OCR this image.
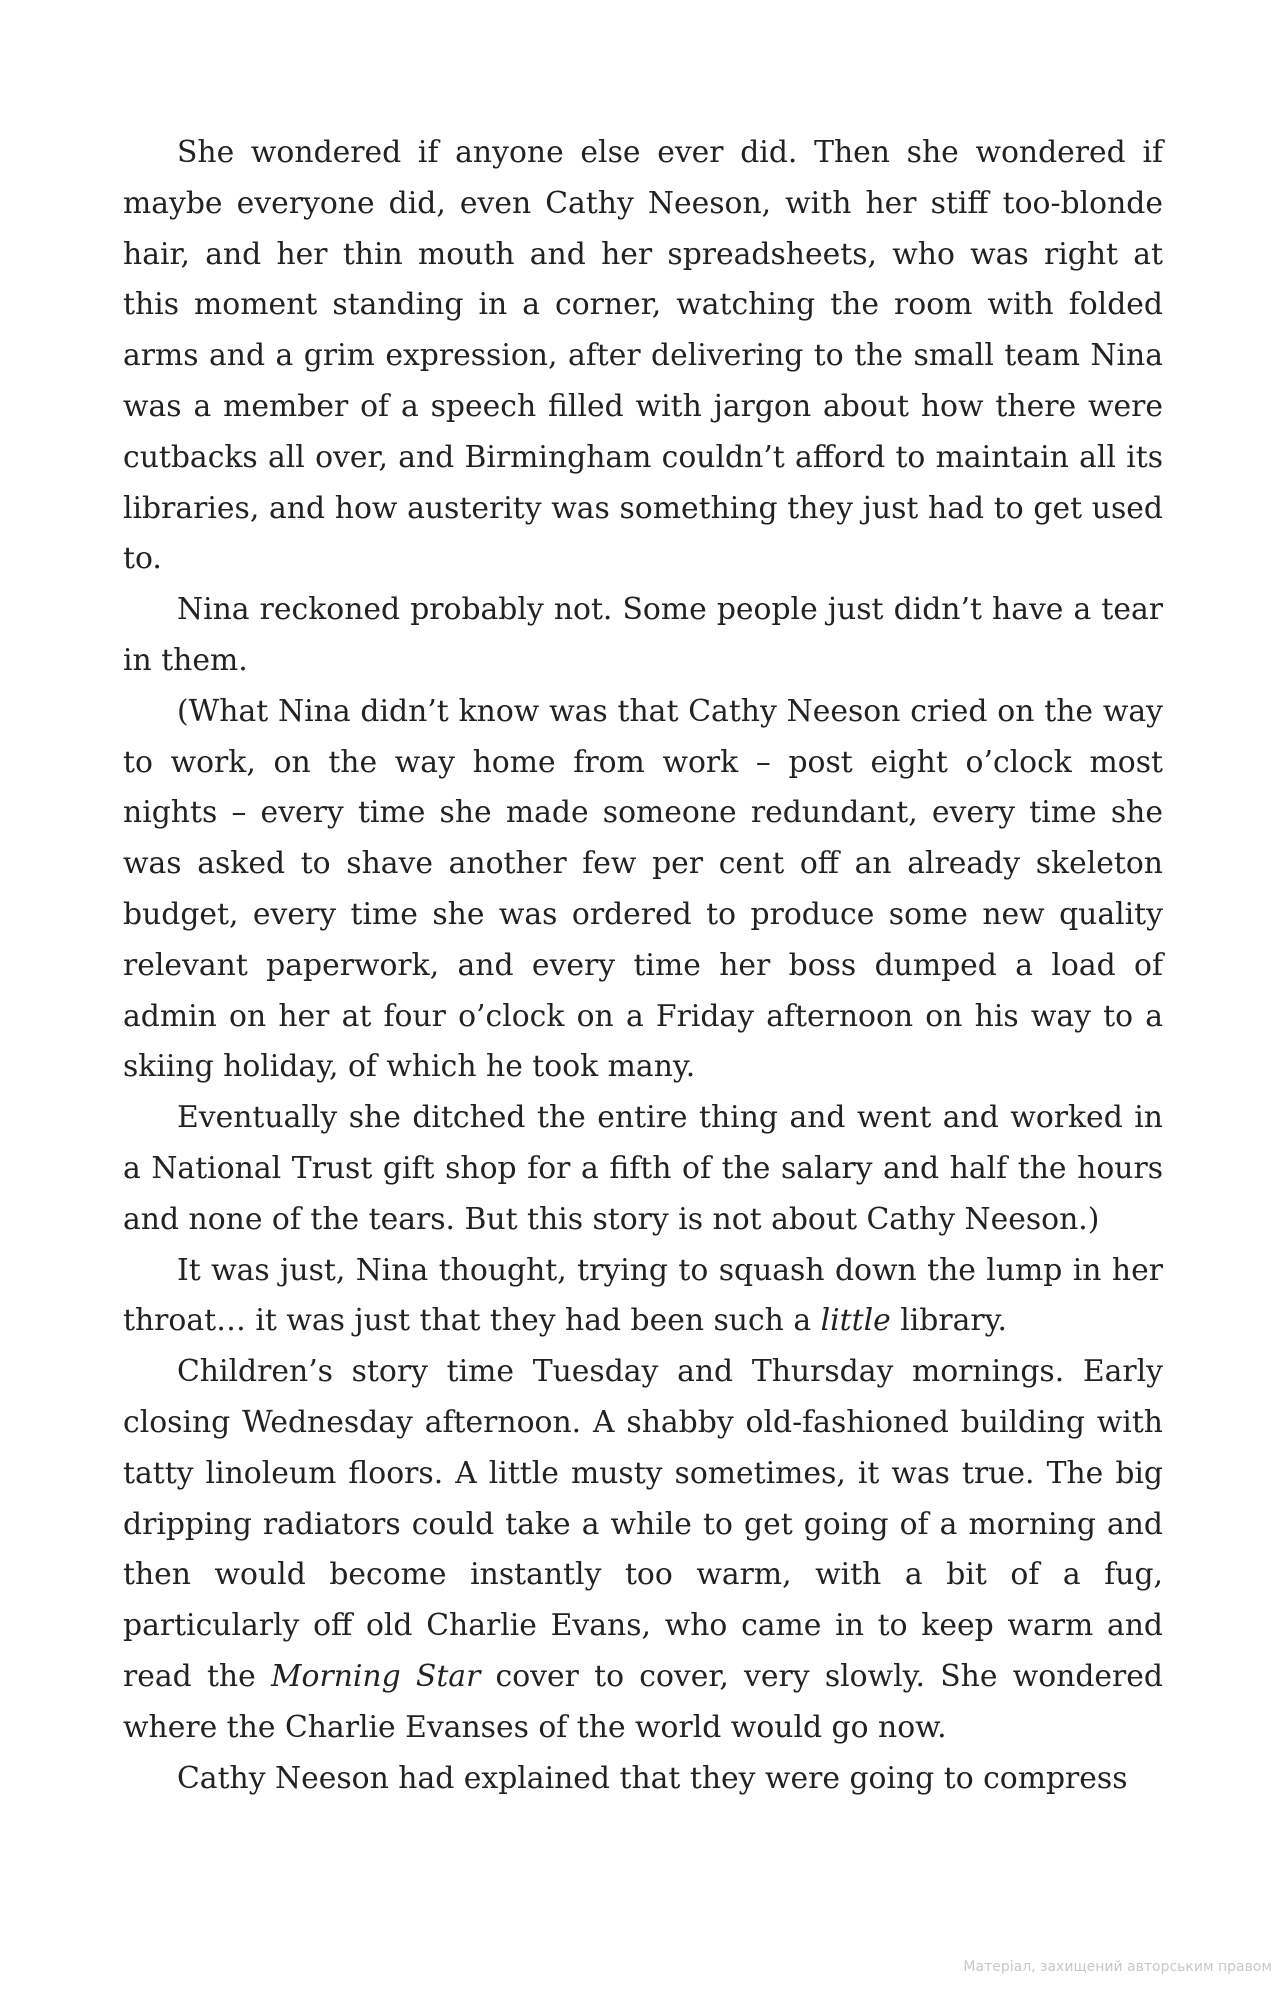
She wondered if anyone else ever did. Then she wondered if maybe everyone did, even Cathy Neeson, with her stiff too-blonde hair, and her thin mouth and her spreadsheets, who was right at this moment standing in a corner, watching the room with folded arms and a grim expression, after delivering to the small team Nina was a member of a speech filled with jargon about how there were cutbacks all over, and Birmingham couldn’t afford to maintain all its libraries, and how austerity was something they just had to get used to.

Nina reckoned probably not. Some people just didn’t have a tear in them.

(What Nina didn’t know was that Cathy Neeson cried on the way to work, on the way home from work – post eight o’clock most nights – every time she made someone redundant, every time she was asked to shave another few per cent off an already skeleton budget, every time she was ordered to produce some new quality relevant paperwork, and every time her boss dumped a load of admin on her at four o’clock on a Friday afternoon on his way to a skiing holiday, of which he took many.

Eventually she ditched the entire thing and went and worked in a National Trust gift shop for a fifth of the salary and half the hours and none of the tears. But this story is not about Cathy Neeson.)

It was just, Nina thought, trying to squash down the lump in her throat… it was just that they had been such a little library.

Children’s story time Tuesday and Thursday mornings. Early closing Wednesday afternoon. A shabby old-fashioned building with tatty linoleum floors. A little musty sometimes, it was true. The big dripping radiators could take a while to get going of a morning and then would become instantly too warm, with a bit of a fug, particularly off old Charlie Evans, who came in to keep warm and read the Morning Star cover to cover, very slowly. She wondered where the Charlie Evanses of the world would go now.

Cathy Neeson had explained that they were going to compress

Матеріал, захищений авторським правом
